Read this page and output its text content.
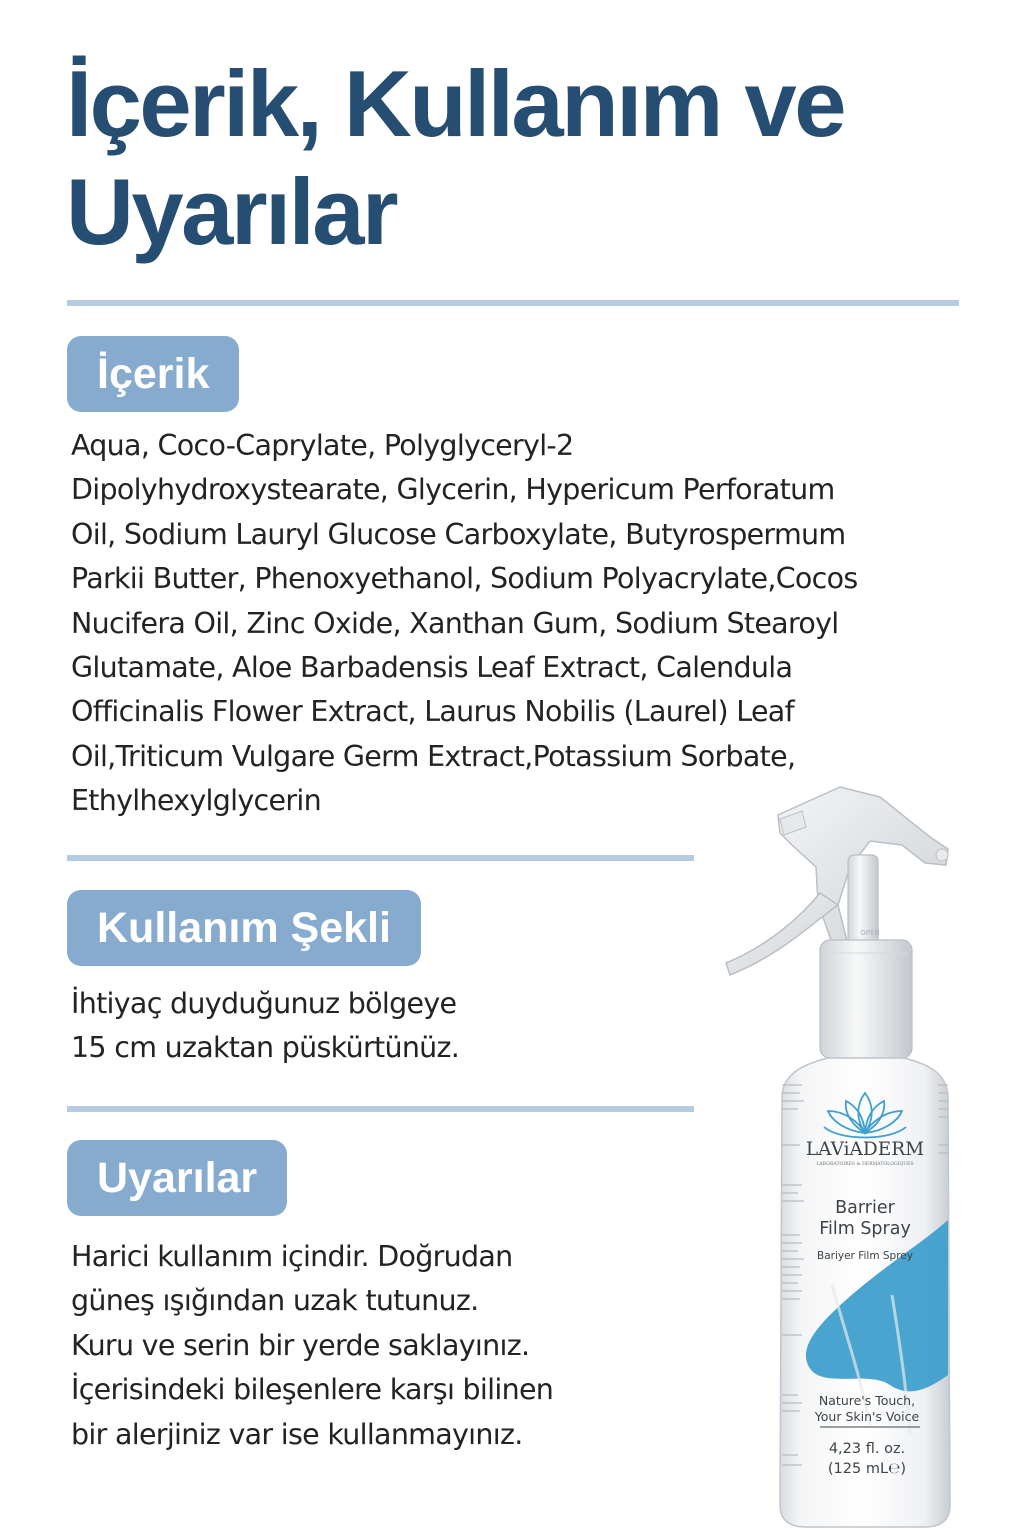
İçerik, Kullanım ve
Uyarılar
İçerik

Aqua, Coco-Caprylate, Polyglyceryl-2
Dipolyhydroxystearate, Glycerin, Hypericum Perforatum
Oil, Sodium Lauryl Glucose Carboxylate, Butyrospermum
Parkii Butter, Phenoxyethanol, Sodium Polyacrylate,Cocos
Nucifera Oil, Zinc Oxide, Xanthan Gum, Sodium Stearoyl
Glutamate, Aloe Barbadensis Leaf Extract, Calendula
Officinalis Flower Extract, Laurus Nobilis (Laurel) Leaf
Oil,Triticum Vulgare Germ Extract,Potassium Sorbate,
Ethylhexylglycerin

Kullanım Şekli

İhtiyaç duyduğunuz bölgeye
15 cm uzaktan püskürtünüz.

Uyarılar

Harici kullanım içindir. Doğrudan
güneş ışığından uzak tutunuz.
Kuru ve serin bir yerde saklayınız.
İçerisindeki bileşenlere karşı bilinen
bir alerjiniz var ise kullanmayınız.

OPEN
LAViADERM
LABORATOIRES & DERMATOLOGIQUES
Barrier
Film Spray
Bariyer Film Sprey
Nature's Touch,
Your Skin's Voice
4,23 fl. oz.
(125 mL℮)
